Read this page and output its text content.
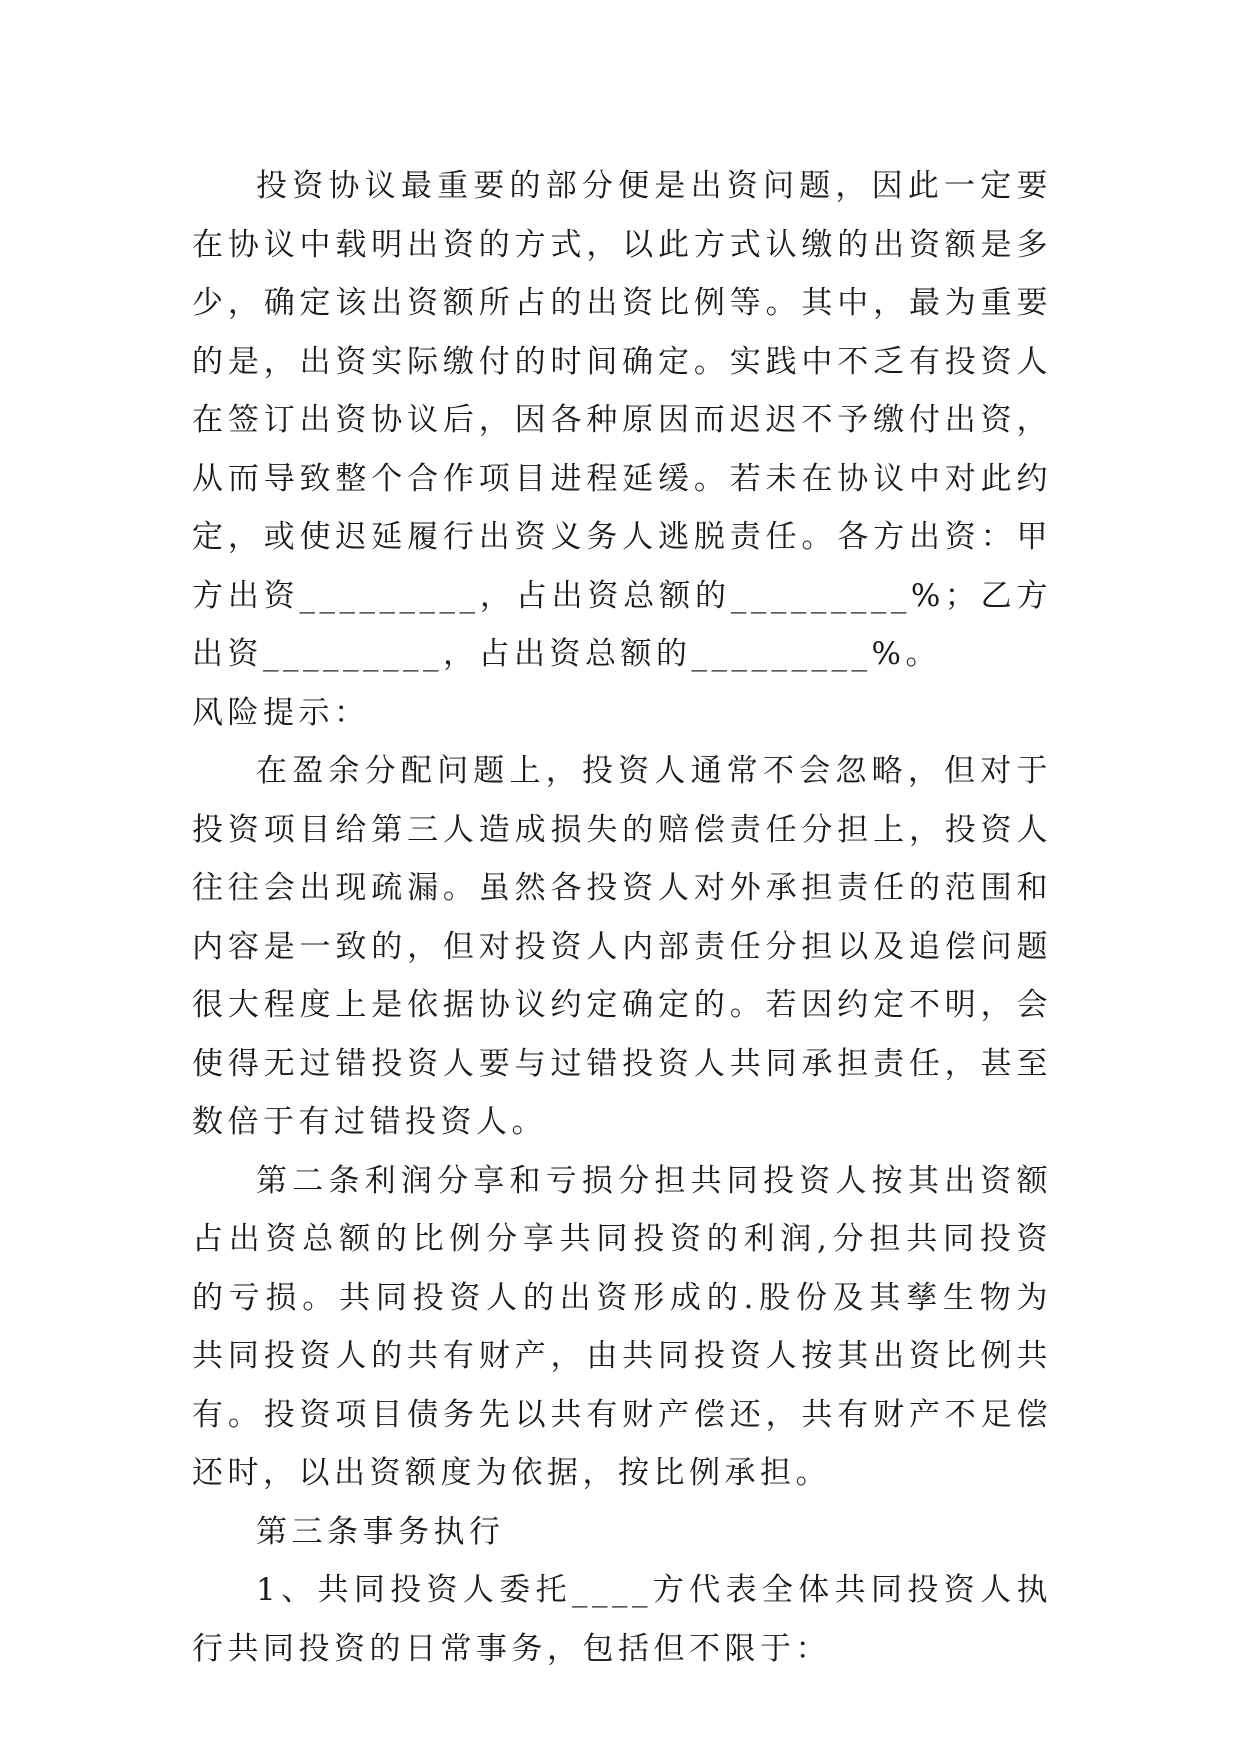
投资协议最重要的部分便是出资问题，因此一定要在协议中载明出资的方式，以此方式认缴的出资额是多少，确定该出资额所占的出资比例等。其中，最为重要的是，出资实际缴付的时间确定。实践中不乏有投资人在签订出资协议后，因各种原因而迟迟不予缴付出资，从而导致整个合作项目进程延缓。若未在协议中对此约定，或使迟延履行出资义务人逃脱责任。各方出资：甲方出资_________，占出资总额的_________%；乙方出资_________，占出资总额的_________%。

风险提示：

在盈余分配问题上，投资人通常不会忽略，但对于投资项目给第三人造成损失的赔偿责任分担上，投资人往往会出现疏漏。虽然各投资人对外承担责任的范围和内容是一致的，但对投资人内部责任分担以及追偿问题很大程度上是依据协议约定确定的。若因约定不明，会使得无过错投资人要与过错投资人共同承担责任，甚至数倍于有过错投资人。

第二条利润分享和亏损分担共同投资人按其出资额占出资总额的比例分享共同投资的利润,分担共同投资的亏损。共同投资人的出资形成的.股份及其孳生物为共同投资人的共有财产，由共同投资人按其出资比例共有。投资项目债务先以共有财产偿还，共有财产不足偿还时，以出资额度为依据，按比例承担。

第三条事务执行

1、共同投资人委托____方代表全体共同投资人执行共同投资的日常事务，包括但不限于：
